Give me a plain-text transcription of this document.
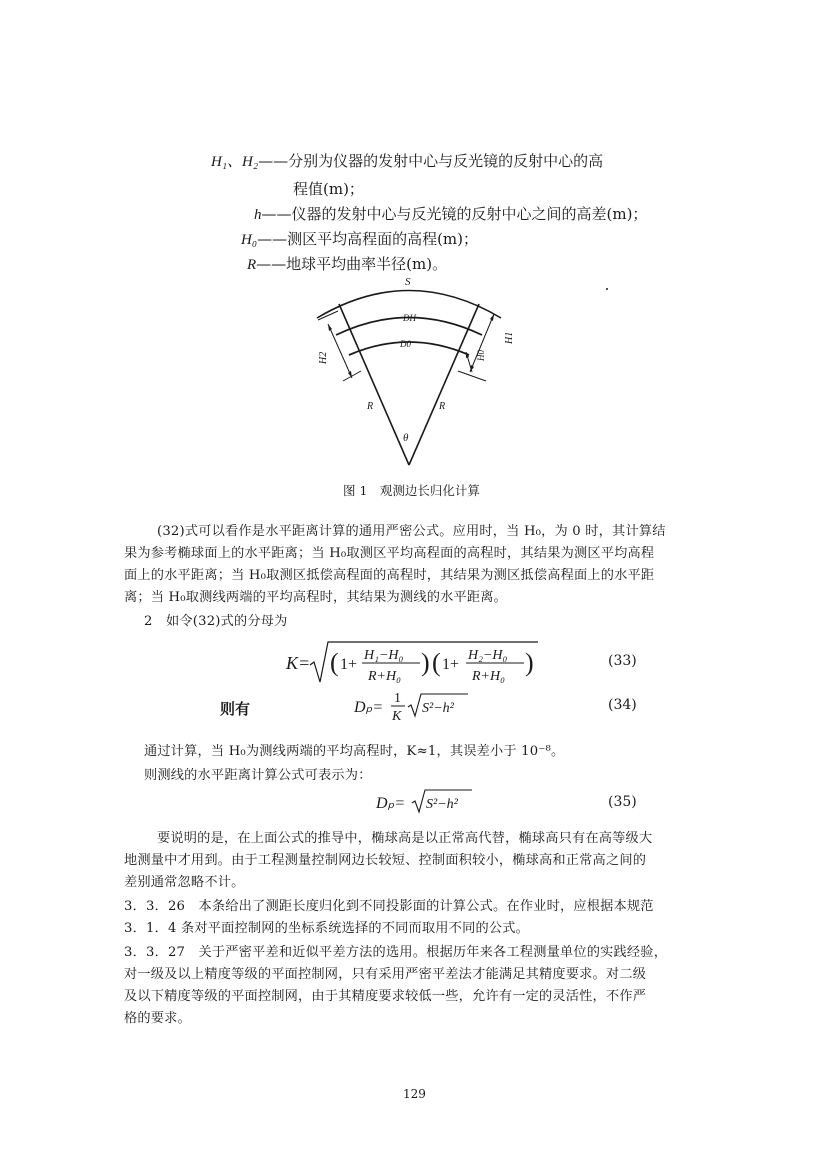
H₁、H₂——分别为仪器的发射中心与反光镜的反射中心的高
程值(m)；
h——仪器的发射中心与反光镜的反射中心之间的高差(m)；
H₀——测区平均高程面的高程(m)；
R——地球平均曲率半径(m)。
S
DH
D0
H2	H0
H1
R	R
θ
图 1　观测边长归化计算
(32)式可以看作是水平距离计算的通用严密公式。应用时，当 H₀，为 0 时，其计算结
果为参考椭球面上的水平距离；当 H₀取测区平均高程面的高程时，其结果为测区平均高程
面上的水平距离；当 H₀取测区抵偿高程面的高程时，其结果为测区抵偿高程面上的水平距
离；当 H₀取测线两端的平均高程时，其结果为测线的水平距离。
2　如令(32)式的分母为
K= ( 1+
H₁−H₀
R+H₀ ) ( 1+
H₂−H₀
R+H₀ )	(33)
则有	Dₚ=
1
K
S²−h²	(34)
通过计算，当 H₀为测线两端的平均高程时，K≈1，其误差小于 10⁻⁸。
则测线的水平距离计算公式可表示为：
Dₚ= S²−h²	(35)
要说明的是，在上面公式的推导中，椭球高是以正常高代替，椭球高只有在高等级大
地测量中才用到。由于工程测量控制网边长较短、控制面积较小，椭球高和正常高之间的
差别通常忽略不计。
3．3．26　本条给出了测距长度归化到不同投影面的计算公式。在作业时，应根据本规范
3．1．4 条对平面控制网的坐标系统选择的不同而取用不同的公式。
3．3．27　关于严密平差和近似平差方法的选用。根据历年来各工程测量单位的实践经验，
对一级及以上精度等级的平面控制网，只有采用严密平差法才能满足其精度要求。对二级
及以下精度等级的平面控制网，由于其精度要求较低一些，允许有一定的灵活性，不作严
格的要求。
129
